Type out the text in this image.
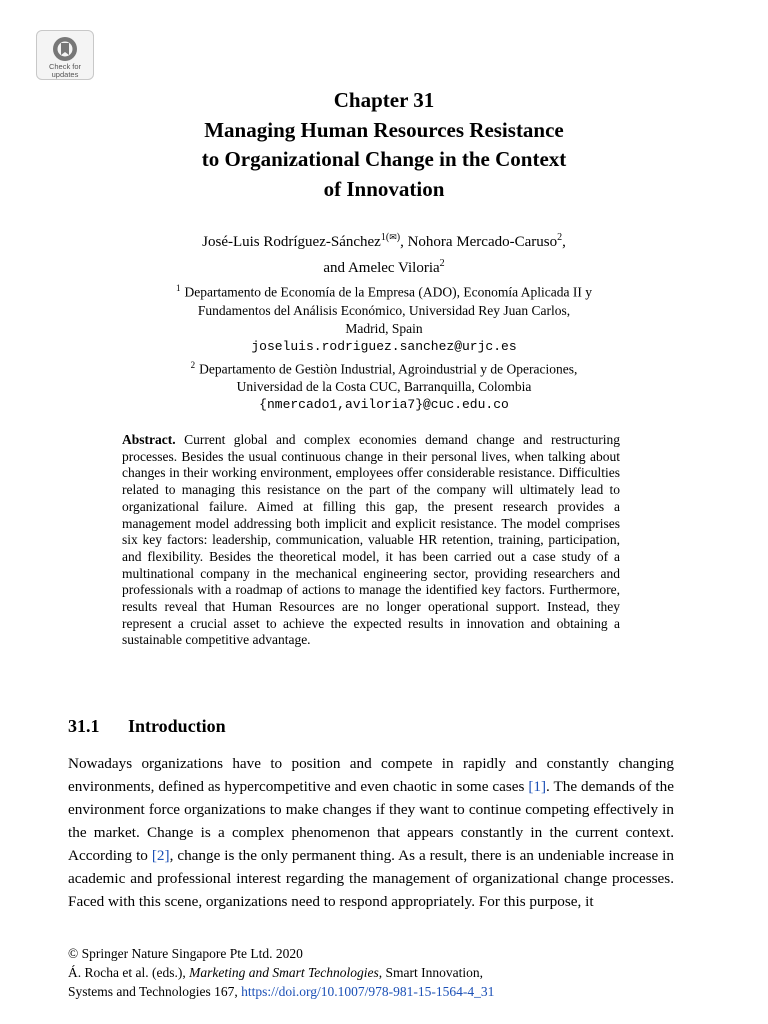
Check for
updates
Chapter 31
Managing Human Resources Resistance
to Organizational Change in the Context
of Innovation
José-Luis Rodríguez-Sánchez$^{1(✉)}$, Nohora Mercado-Caruso$^2$,
and Amelec Viloria$^2$
$^1$ Departamento de Economía de la Empresa (ADO), Economía Aplicada II y
Fundamentos del Análisis Económico, Universidad Rey Juan Carlos,
Madrid, Spain
joseluis.rodriguez.sanchez@urjc.es
$^2$ Departamento de Gestiòn Industrial, Agroindustrial y de Operaciones,
Universidad de la Costa CUC, Barranquilla, Colombia
{nmercado1,aviloria7}@cuc.edu.co
Abstract. Current global and complex economies demand change and restructuring processes. Besides the usual continuous change in their personal lives, when talking about changes in their working environment, employees offer considerable resistance. Difficulties related to managing this resistance on the part of the company will ultimately lead to organizational failure. Aimed at filling this gap, the present research provides a management model addressing both implicit and explicit resistance. The model comprises six key factors: leadership, communication, valuable HR retention, training, participation, and flexibility. Besides the theoretical model, it has been carried out a case study of a multinational company in the mechanical engineering sector, providing researchers and professionals with a roadmap of actions to manage the identified key factors. Furthermore, results reveal that Human Resources are no longer operational support. Instead, they represent a crucial asset to achieve the expected results in innovation and obtaining a sustainable competitive advantage.
31.1 Introduction
Nowadays organizations have to position and compete in rapidly and constantly changing environments, defined as hypercompetitive and even chaotic in some cases [1]. The demands of the environment force organizations to make changes if they want to continue competing effectively in the market. Change is a complex phenomenon that appears constantly in the current context. According to [2], change is the only permanent thing. As a result, there is an undeniable increase in academic and professional interest regarding the management of organizational change processes. Faced with this scene, organizations need to respond appropriately. For this purpose, it
© Springer Nature Singapore Pte Ltd. 2020
Á. Rocha et al. (eds.), Marketing and Smart Technologies, Smart Innovation,
Systems and Technologies 167, https://doi.org/10.1007/978-981-15-1564-4_31
